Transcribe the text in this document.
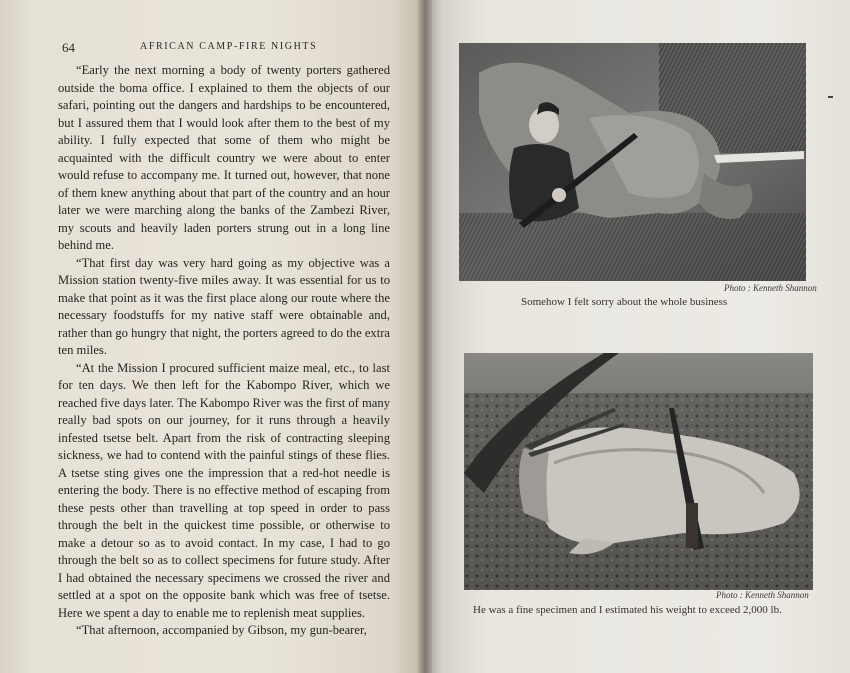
64	AFRICAN CAMP-FIRE NIGHTS

“Early the next morning a body of twenty porters gathered outside the boma office. I explained to them the objects of our safari, pointing out the dangers and hardships to be encountered, but I assured them that I would look after them to the best of my ability. I fully expected that some of them who might be acquainted with the difficult country we were about to enter would refuse to accompany me. It turned out, however, that none of them knew anything about that part of the country and an hour later we were marching along the banks of the Zambezi River, my scouts and heavily laden porters strung out in a long line behind me.

“That first day was very hard going as my objective was a Mission station twenty-five miles away. It was essential for us to make that point as it was the first place along our route where the necessary foodstuffs for my native staff were obtainable and, rather than go hungry that night, the porters agreed to do the extra ten miles.

“At the Mission I procured sufficient maize meal, etc., to last for ten days. We then left for the Kabompo River, which we reached five days later. The Kabompo River was the first of many really bad spots on our journey, for it runs through a heavily infested tsetse belt. Apart from the risk of contracting sleeping sickness, we had to contend with the painful stings of these flies. A tsetse sting gives one the impression that a red-hot needle is entering the body. There is no effective method of escaping from these pests other than travelling at top speed in order to pass through the belt in the quickest time possible, or otherwise to make a detour so as to avoid contact. In my case, I had to go through the belt so as to collect specimens for future study. After I had obtained the necessary specimens we crossed the river and settled at a spot on the opposite bank which was free of tsetse. Here we spent a day to enable me to replenish meat supplies.

“That afternoon, accompanied by Gibson, my gun-bearer,

Photo : Kenneth Shannon
Somehow I felt sorry about the whole business
Photo : Kenneth Shannon
He was a fine specimen and I estimated his weight to exceed 2,000 lb.
